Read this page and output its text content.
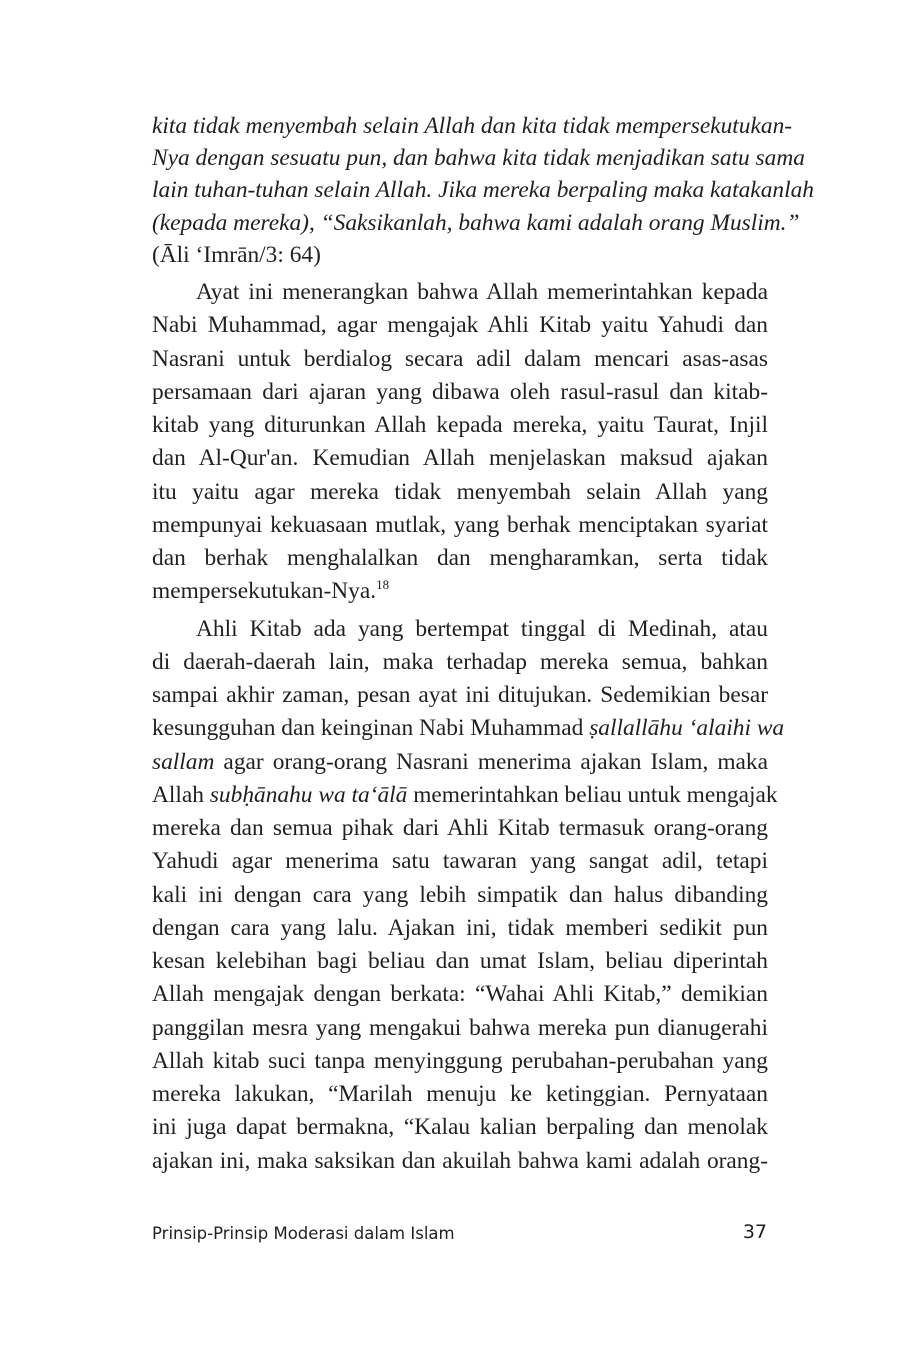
kita tidak menyembah selain Allah dan kita tidak mempersekutukan-
Nya dengan sesuatu pun, dan bahwa kita tidak menjadikan satu sama
lain tuhan-tuhan selain Allah. Jika mereka berpaling maka katakanlah
(kepada mereka), “Saksikanlah, bahwa kami adalah orang Muslim.”
(Āli ‘Imrān/3: 64)

Ayat ini menerangkan bahwa Allah memerintahkan kepada
Nabi Muhammad, agar mengajak Ahli Kitab yaitu Yahudi dan
Nasrani untuk berdialog secara adil dalam mencari asas-asas
persamaan dari ajaran yang dibawa oleh rasul-rasul dan kitab-
kitab yang diturunkan Allah kepada mereka, yaitu Taurat, Injil
dan Al-Qur'an. Kemudian Allah menjelaskan maksud ajakan
itu yaitu agar mereka tidak menyembah selain Allah yang
mempunyai kekuasaan mutlak, yang berhak menciptakan syariat
dan berhak menghalalkan dan mengharamkan, serta tidak
mempersekutukan-Nya.$^{18}$

Ahli Kitab ada yang bertempat tinggal di Medinah, atau
di daerah-daerah lain, maka terhadap mereka semua, bahkan
sampai akhir zaman, pesan ayat ini ditujukan. Sedemikian besar
kesungguhan dan keinginan Nabi Muhammad ṣallallāhu ‘alaihi wa
sallam agar orang-orang Nasrani menerima ajakan Islam, maka
Allah subḥānahu wa ta‘ālā memerintahkan beliau untuk mengajak
mereka dan semua pihak dari Ahli Kitab termasuk orang-orang
Yahudi agar menerima satu tawaran yang sangat adil, tetapi
kali ini dengan cara yang lebih simpatik dan halus dibanding
dengan cara yang lalu. Ajakan ini, tidak memberi sedikit pun
kesan kelebihan bagi beliau dan umat Islam, beliau diperintah
Allah mengajak dengan berkata: “Wahai Ahli Kitab,” demikian
panggilan mesra yang mengakui bahwa mereka pun dianugerahi
Allah kitab suci tanpa menyinggung perubahan-perubahan yang
mereka lakukan, “Marilah menuju ke ketinggian. Pernyataan
ini juga dapat bermakna, “Kalau kalian berpaling dan menolak
ajakan ini, maka saksikan dan akuilah bahwa kami adalah orang-

Prinsip-Prinsip Moderasi dalam Islam	37
